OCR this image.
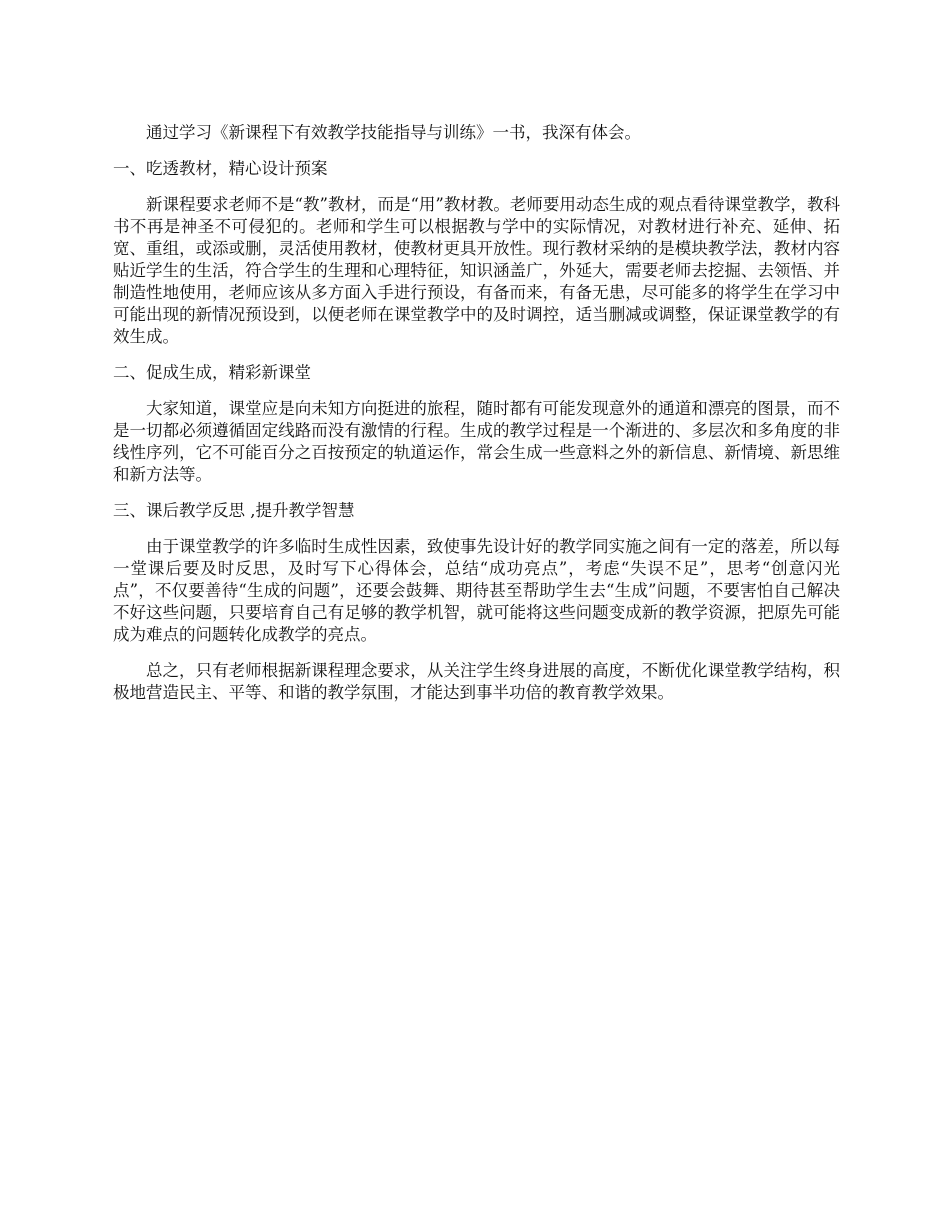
通过学习《新课程下有效教学技能指导与训练》一书，我深有体会。

一、吃透教材，精心设计预案

新课程要求老师不是“教”教材，而是“用”教材教。老师要用动态生成的观点看待课堂教学，教科书不再是神圣不可侵犯的。老师和学生可以根据教与学中的实际情况，对教材进行补充、延伸、拓宽、重组，或添或删，灵活使用教材，使教材更具开放性。现行教材采纳的是模块教学法，教材内容贴近学生的生活，符合学生的生理和心理特征，知识涵盖广，外延大，需要老师去挖掘、去领悟、并制造性地使用，老师应该从多方面入手进行预设，有备而来，有备无患，尽可能多的将学生在学习中可能出现的新情况预设到，以便老师在课堂教学中的及时调控，适当删减或调整，保证课堂教学的有效生成。

二、促成生成，精彩新课堂

大家知道，课堂应是向未知方向挺进的旅程，随时都有可能发现意外的通道和漂亮的图景，而不是一切都必须遵循固定线路而没有激情的行程。生成的教学过程是一个渐进的、多层次和多角度的非线性序列，它不可能百分之百按预定的轨道运作，常会生成一些意料之外的新信息、新情境、新思维和新方法等。

三、课后教学反思 ,提升教学智慧

由于课堂教学的许多临时生成性因素，致使事先设计好的教学同实施之间有一定的落差，所以每一堂课后要及时反思，及时写下心得体会，总结“成功亮点”，考虑“失误不足”，思考“创意闪光点”，不仅要善待“生成的问题”，还要会鼓舞、期待甚至帮助学生去“生成”问题，不要害怕自己解决不好这些问题，只要培育自己有足够的教学机智，就可能将这些问题变成新的教学资源，把原先可能成为难点的问题转化成教学的亮点。

总之，只有老师根据新课程理念要求，从关注学生终身进展的高度，不断优化课堂教学结构，积极地营造民主、平等、和谐的教学氛围，才能达到事半功倍的教育教学效果。
